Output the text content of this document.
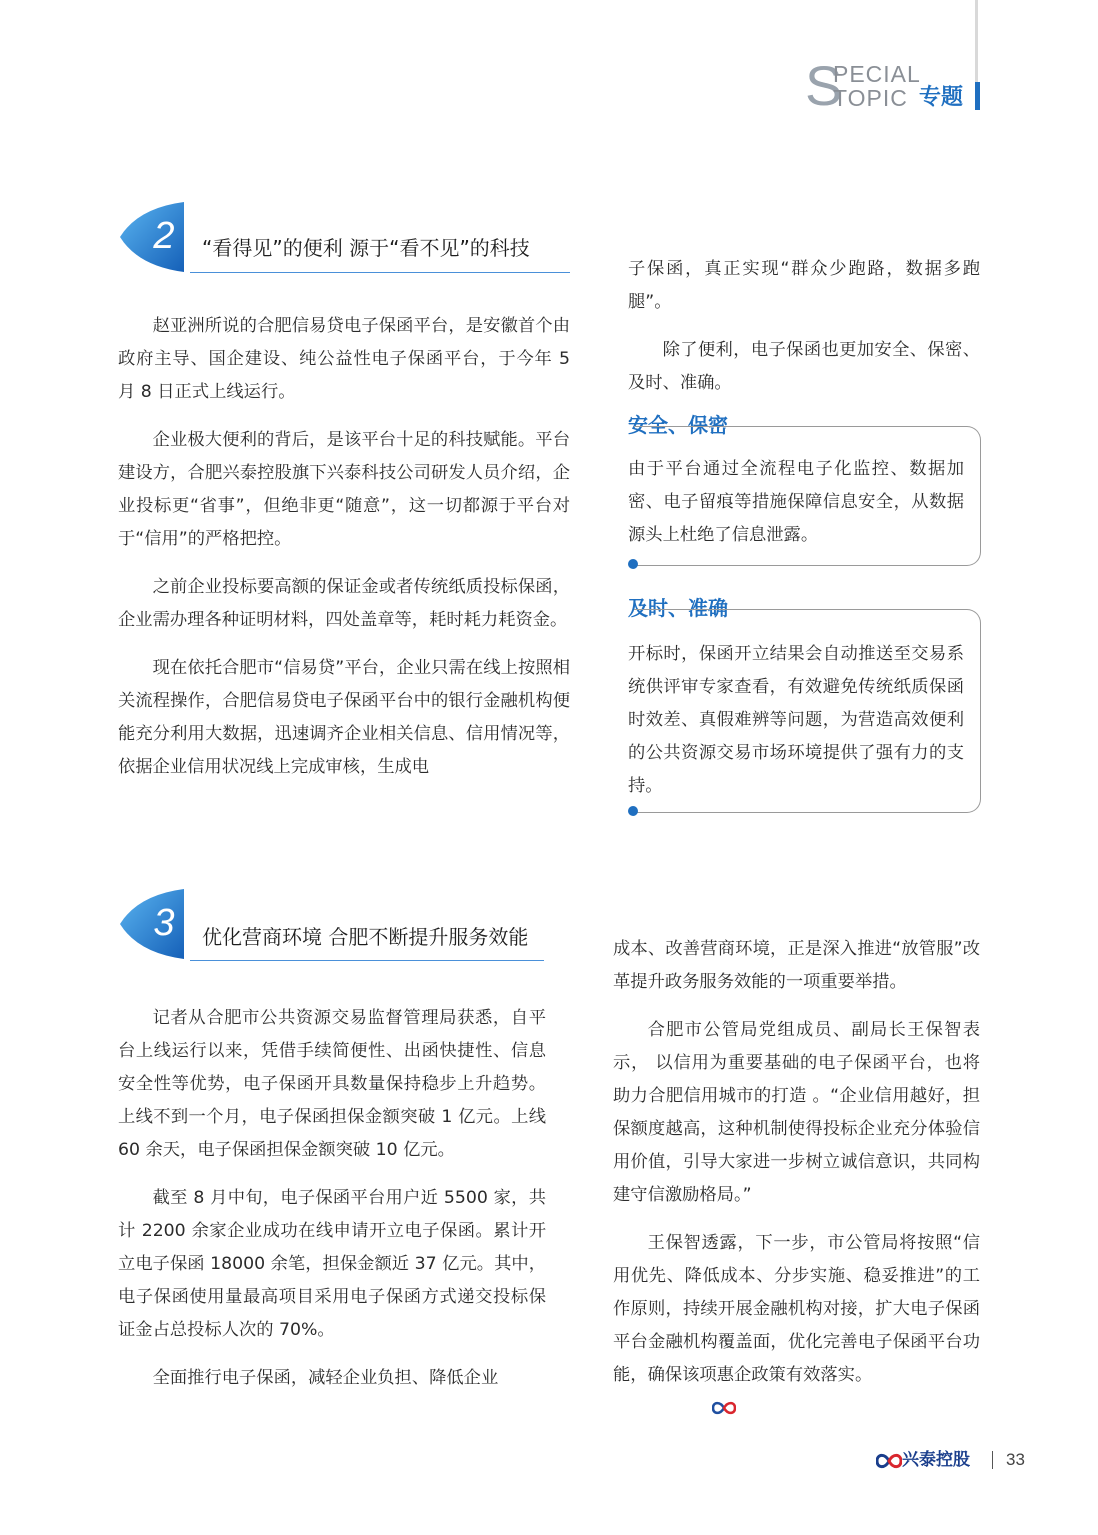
S
PECIAL
TOPIC 专题
2	“看得见”的便利 源于“看不见”的科技

赵亚洲所说的合肥信易贷电子保函平台，是安徽首个由政府主导、国企建设、纯公益性电子保函平台，于今年 5 月 8 日正式上线运行。

企业极大便利的背后，是该平台十足的科技赋能。平台建设方，合肥兴泰控股旗下兴泰科技公司研发人员介绍，企业投标更“省事”，但绝非更“随意”，这一切都源于平台对于“信用”的严格把控。

之前企业投标要高额的保证金或者传统纸质投标保函，企业需办理各种证明材料，四处盖章等，耗时耗力耗资金。

现在依托合肥市“信易贷”平台，企业只需在线上按照相关流程操作，合肥信易贷电子保函平台中的银行金融机构便能充分利用大数据，迅速调齐企业相关信息、信用情况等，依据企业信用状况线上完成审核，生成电

子保函，真正实现“群众少跑路，数据多跑腿”。

除了便利，电子保函也更加安全、保密、及时、准确。

安全、保密
由于平台通过全流程电子化监控、数据加密、电子留痕等措施保障信息安全，从数据源头上杜绝了信息泄露。
及时、准确
开标时，保函开立结果会自动推送至交易系统供评审专家查看，有效避免传统纸质保函时效差、真假难辨等问题，为营造高效便利的公共资源交易市场环境提供了强有力的支持。
3	优化营商环境 合肥不断提升服务效能

记者从合肥市公共资源交易监督管理局获悉，自平台上线运行以来，凭借手续简便性、出函快捷性、信息安全性等优势，电子保函开具数量保持稳步上升趋势。上线不到一个月，电子保函担保金额突破 1 亿元。上线 60 余天，电子保函担保金额突破 10 亿元。

截至 8 月中旬，电子保函平台用户近 5500 家，共计 2200 余家企业成功在线申请开立电子保函。累计开立电子保函 18000 余笔，担保金额近 37 亿元。其中，电子保函使用量最高项目采用电子保函方式递交投标保证金占总投标人次的 70%。

全面推行电子保函，减轻企业负担、降低企业

成本、改善营商环境，正是深入推进“放管服”改革提升政务服务效能的一项重要举措。

合肥市公管局党组成员、副局长王保智表示， 以信用为重要基础的电子保函平台，也将助力合肥信用城市的打造 。“企业信用越好，担保额度越高，这种机制使得投标企业充分体验信用价值，引导大家进一步树立诚信意识，共同构建守信激励格局。”

王保智透露，下一步，市公管局将按照“信用优先、降低成本、分步实施、稳妥推进”的工作原则，持续开展金融机构对接，扩大电子保函平台金融机构覆盖面，优化完善电子保函平台功能，确保该项惠企政策有效落实。

兴泰控股 33
